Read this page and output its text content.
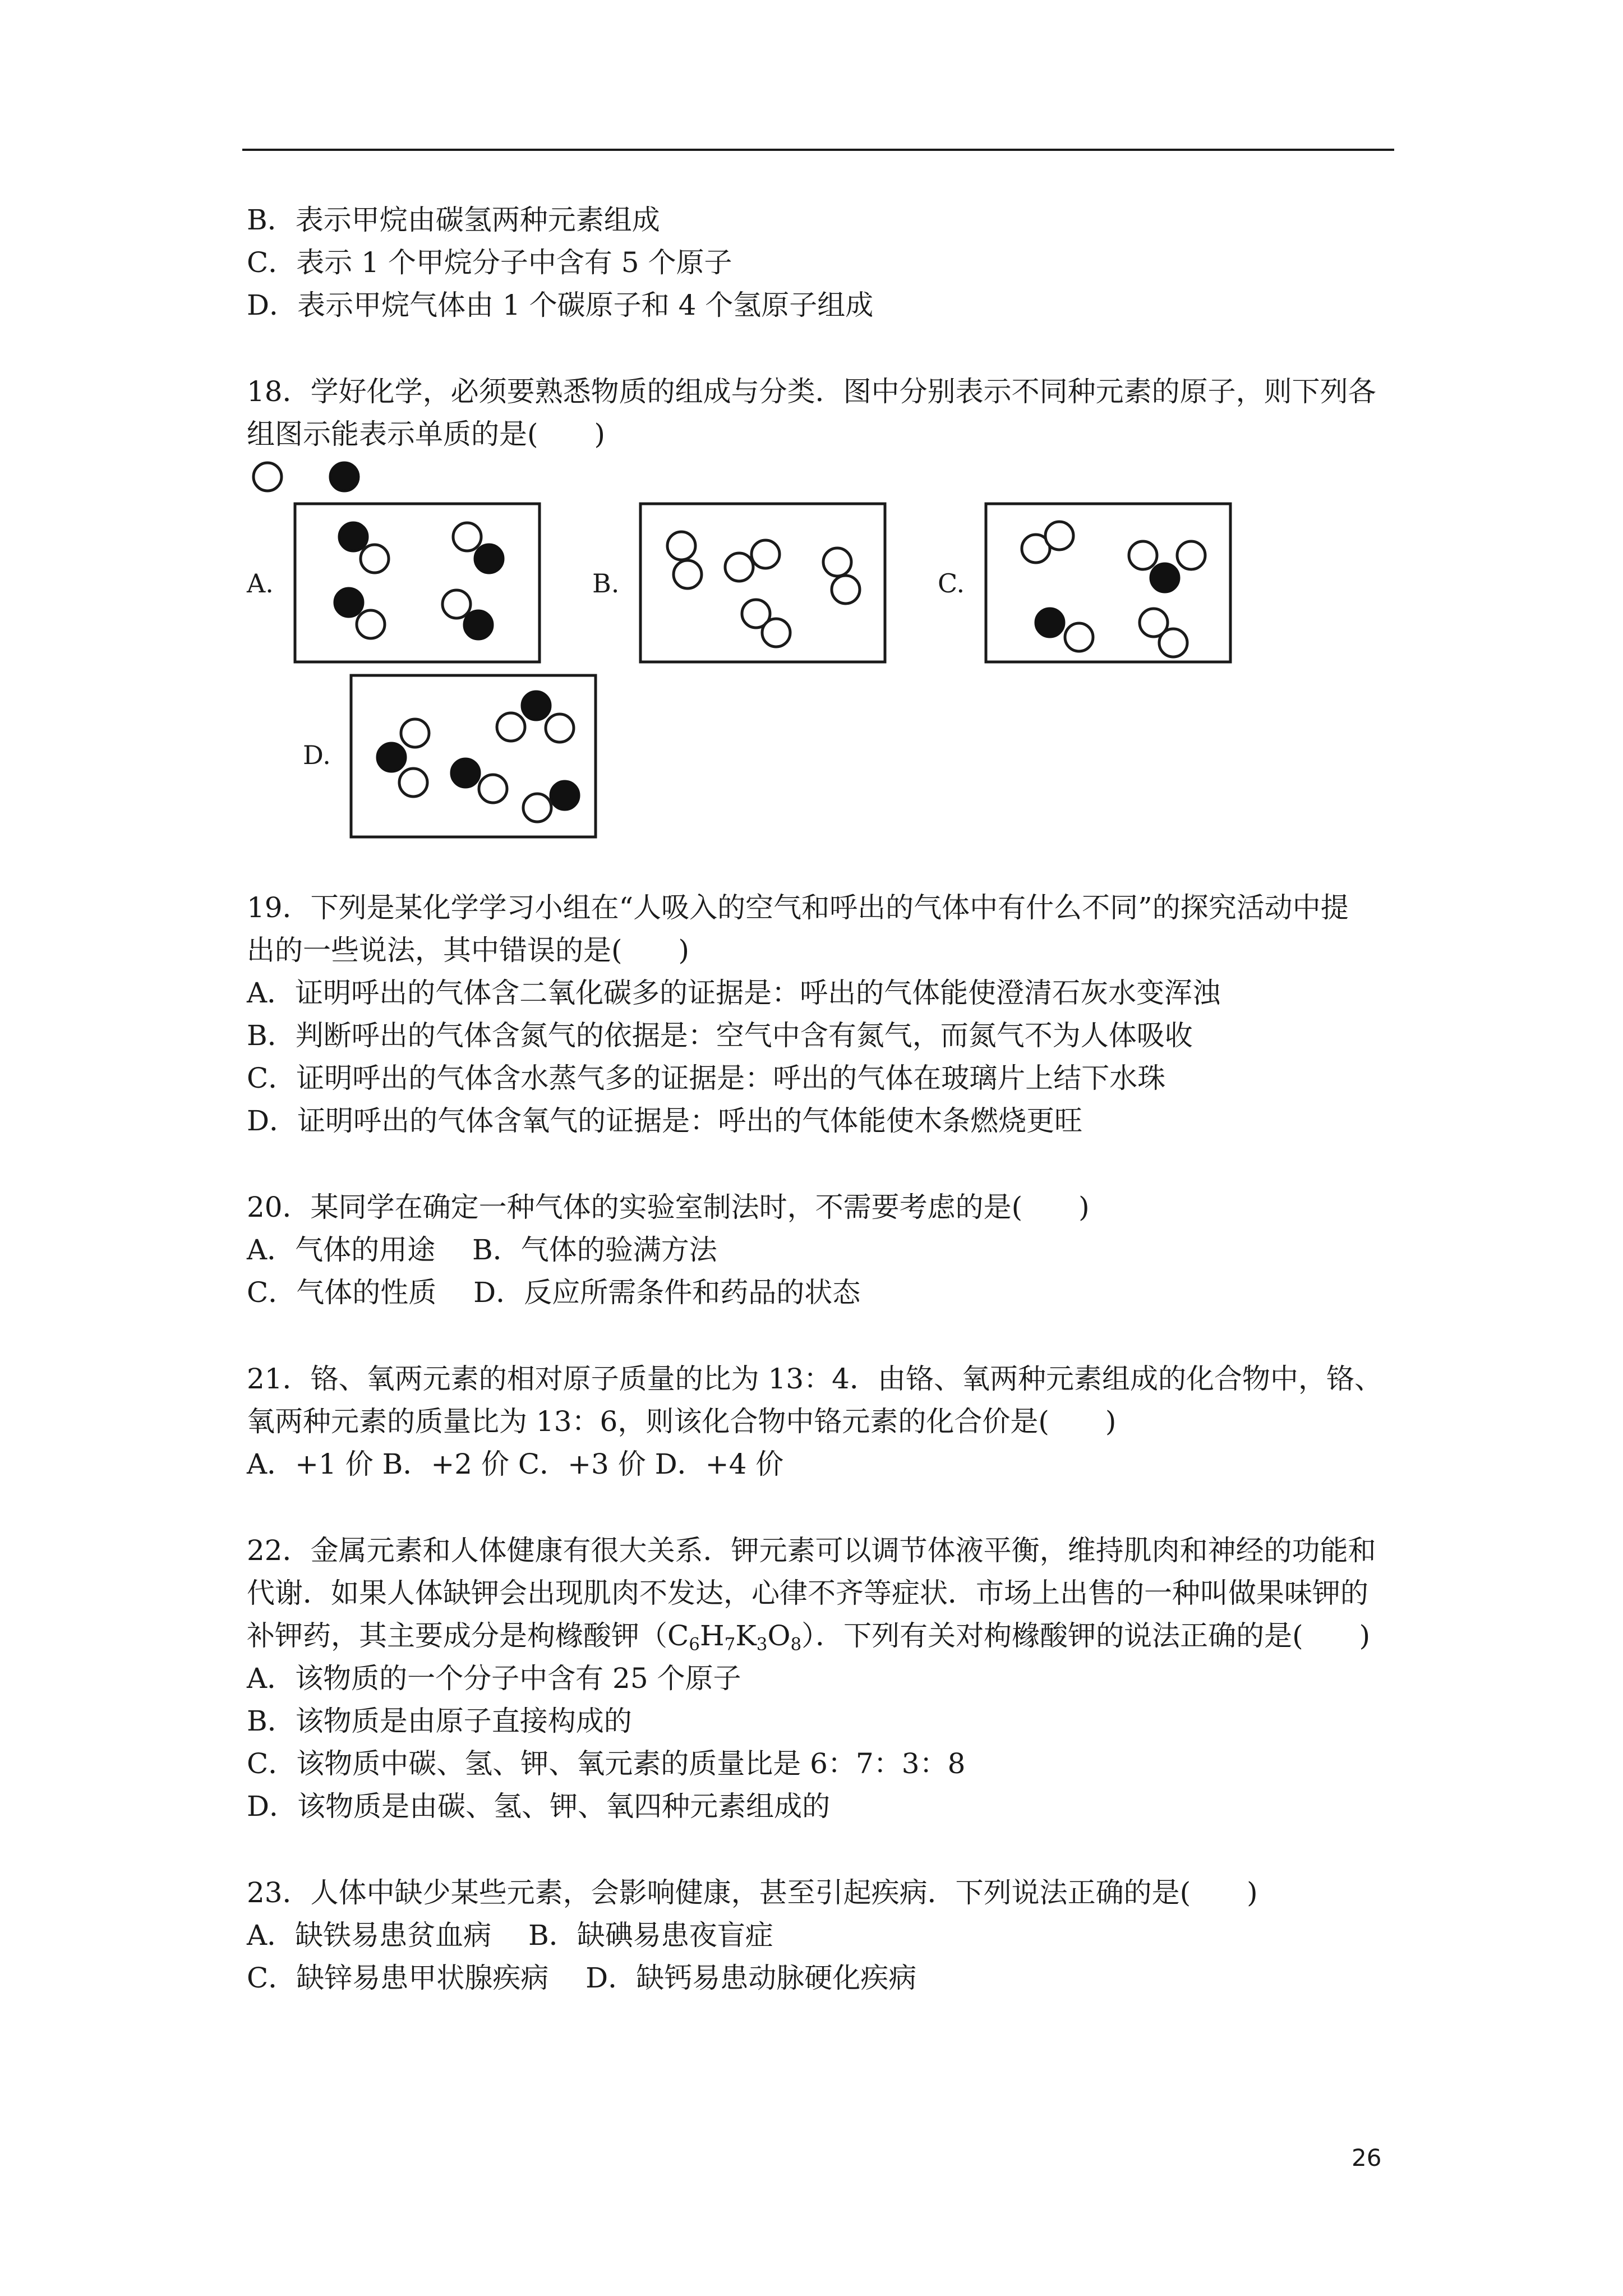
B．表示甲烷由碳氢两种元素组成
C．表示 1 个甲烷分子中含有 5 个原子
D．表示甲烷气体由 1 个碳原子和 4 个氢原子组成
18．学好化学，必须要熟悉物质的组成与分类．图中分别表示不同种元素的原子，则下列各
组图示能表示单质的是(　　)
A.	B.	C.
D.
19．下列是某化学学习小组在“人吸入的空气和呼出的气体中有什么不同”的探究活动中提
出的一些说法，其中错误的是(　　)
A．证明呼出的气体含二氧化碳多的证据是：呼出的气体能使澄清石灰水变浑浊
B．判断呼出的气体含氮气的依据是：空气中含有氮气，而氮气不为人体吸收
C．证明呼出的气体含水蒸气多的证据是：呼出的气体在玻璃片上结下水珠
D．证明呼出的气体含氧气的证据是：呼出的气体能使木条燃烧更旺
20．某同学在确定一种气体的实验室制法时，不需要考虑的是(　　)
A．气体的用途　 B．气体的验满方法
C．气体的性质　 D．反应所需条件和药品的状态
21．铬、氧两元素的相对原子质量的比为 13：4．由铬、氧两种元素组成的化合物中，铬、
氧两种元素的质量比为 13：6，则该化合物中铬元素的化合价是(　　)
A．+1 价 B．+2 价 C．+3 价 D．+4 价
22．金属元素和人体健康有很大关系．钾元素可以调节体液平衡，维持肌肉和神经的功能和
代谢．如果人体缺钾会出现肌肉不发达，心律不齐等症状．市场上出售的一种叫做果味钾的
补钾药，其主要成分是枸橼酸钾$(C_6H_7K_3O_8)$．下列有关对枸橼酸钾的说法正确的是(　　)
A．该物质的一个分子中含有 25 个原子
B．该物质是由原子直接构成的
C．该物质中碳、氢、钾、氧元素的质量比是 6：7：3：8
D．该物质是由碳、氢、钾、氧四种元素组成的
23．人体中缺少某些元素，会影响健康，甚至引起疾病．下列说法正确的是(　　)
A．缺铁易患贫血病　 B．缺碘易患夜盲症
C．缺锌易患甲状腺疾病　 D．缺钙易患动脉硬化疾病
26
